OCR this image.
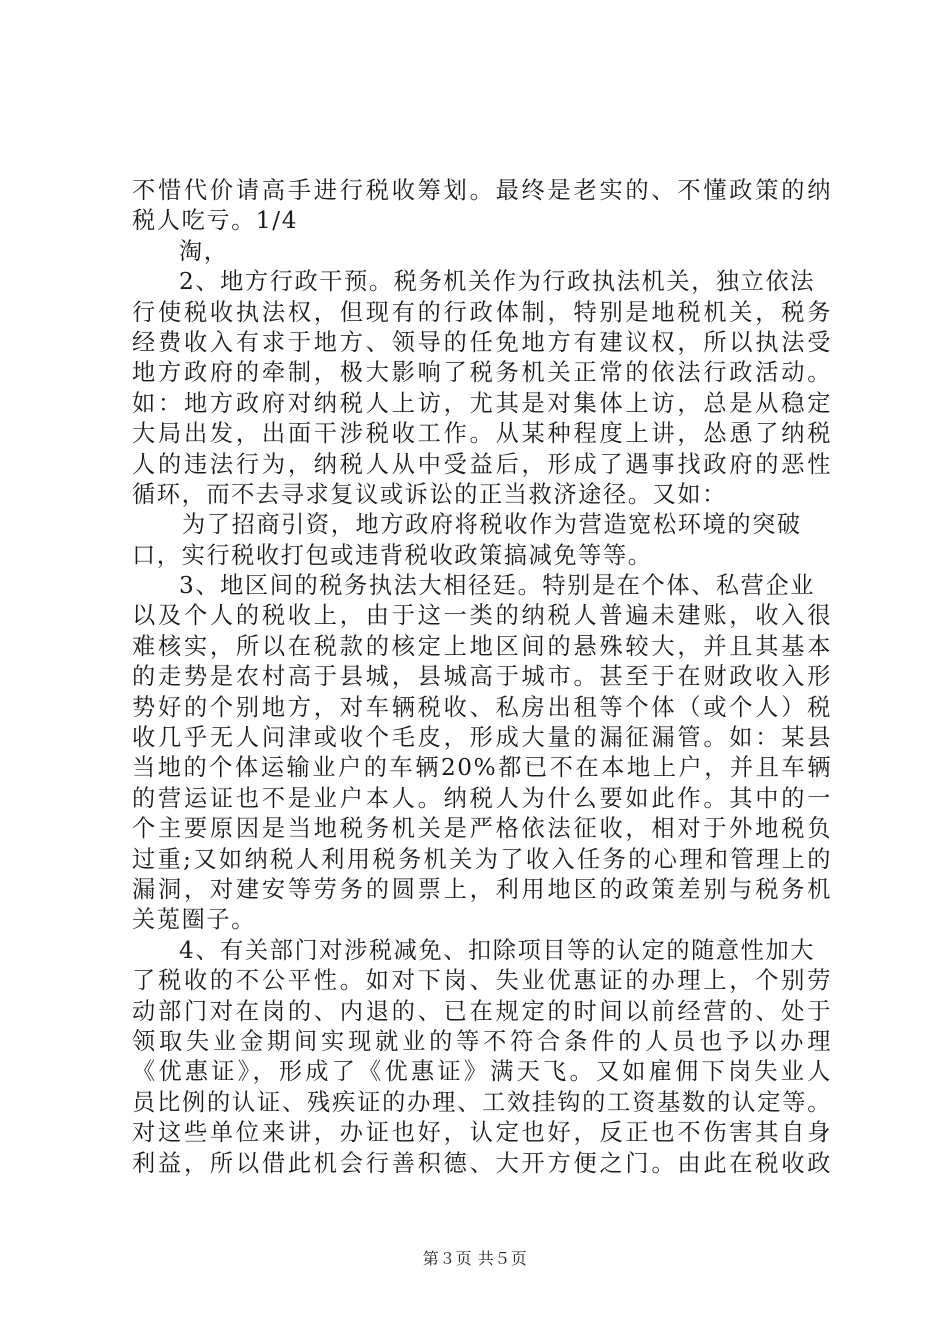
不惜代价请高手进行税收筹划。最终是老实的、不懂政策的纳
税人吃亏。1/4
淘，
2、地方行政干预。税务机关作为行政执法机关，独立依法
行使税收执法权，但现有的行政体制，特别是地税机关，税务
经费收入有求于地方、领导的任免地方有建议权，所以执法受
地方政府的牵制，极大影响了税务机关正常的依法行政活动。
如：地方政府对纳税人上访，尤其是对集体上访，总是从稳定
大局出发，出面干涉税收工作。从某种程度上讲，怂恿了纳税
人的违法行为，纳税人从中受益后，形成了遇事找政府的恶性
循环，而不去寻求复议或诉讼的正当救济途径。又如：
为了招商引资，地方政府将税收作为营造宽松环境的突破
口，实行税收打包或违背税收政策搞减免等等。
3、地区间的税务执法大相径廷。特别是在个体、私营企业
以及个人的税收上，由于这一类的纳税人普遍未建账，收入很
难核实，所以在税款的核定上地区间的悬殊较大，并且其基本
的走势是农村高于县城，县城高于城市。甚至于在财政收入形
势好的个别地方，对车辆税收、私房出租等个体（或个人）税
收几乎无人问津或收个毛皮，形成大量的漏征漏管。如：某县
当地的个体运输业户的车辆20%都已不在本地上户，并且车辆
的营运证也不是业户本人。纳税人为什么要如此作。其中的一
个主要原因是当地税务机关是严格依法征收，相对于外地税负
过重;又如纳税人利用税务机关为了收入任务的心理和管理上的
漏洞，对建安等劳务的圆票上，利用地区的政策差别与税务机
关莵圈子。
4、有关部门对涉税减免、扣除项目等的认定的随意性加大
了税收的不公平性。如对下岗、失业优惠证的办理上，个别劳
动部门对在岗的、内退的、已在规定的时间以前经营的、处于
领取失业金期间实现就业的等不符合条件的人员也予以办理
《优惠证》，形成了《优惠证》满天飞。又如雇佣下岗失业人
员比例的认证、残疾证的办理、工效挂钩的工资基数的认定等。
对这些单位来讲，办证也好，认定也好，反正也不伤害其自身
利益，所以借此机会行善积德、大开方便之门。由此在税收政
第３页 共５页
